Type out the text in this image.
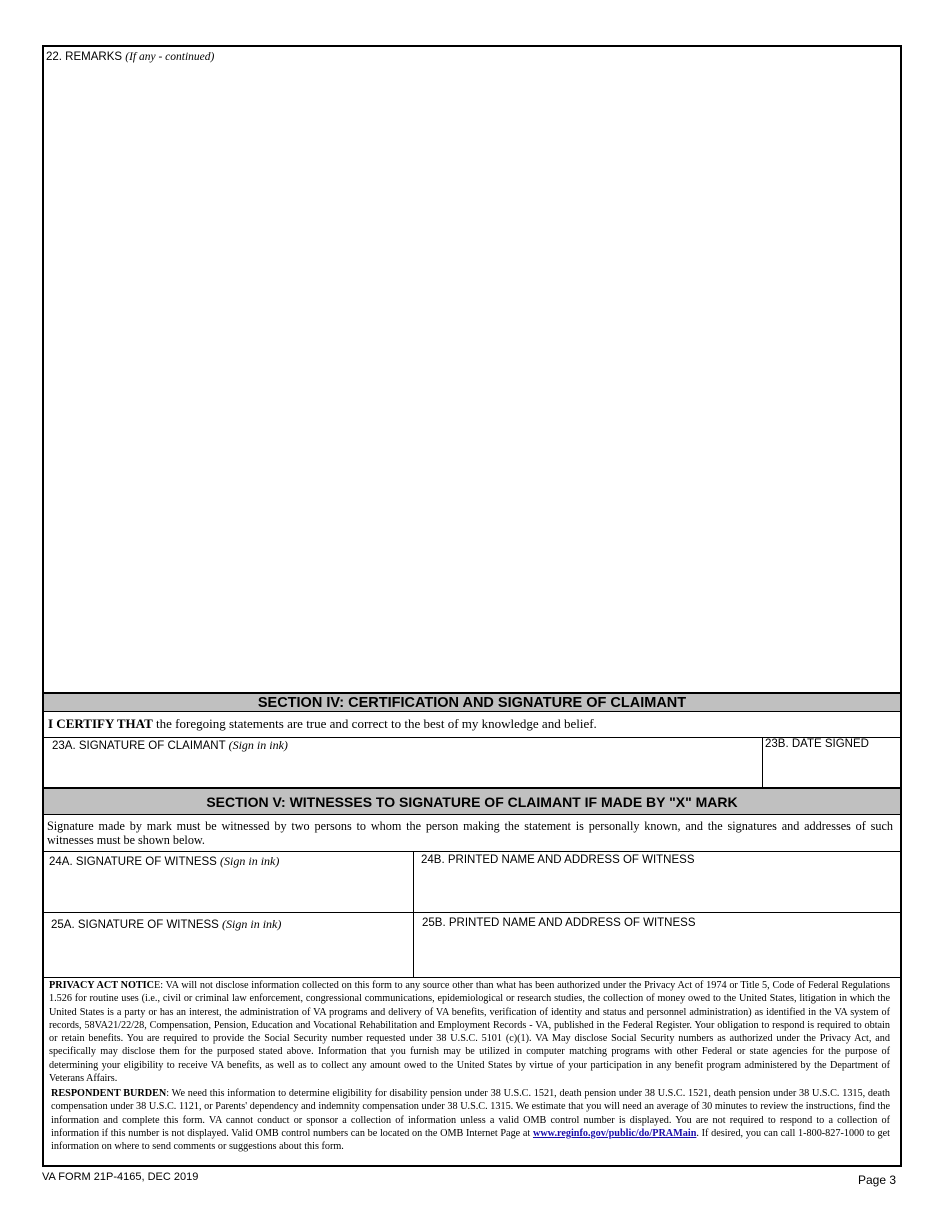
22. REMARKS (If any - continued)
SECTION IV: CERTIFICATION AND SIGNATURE OF CLAIMANT
I CERTIFY THAT the foregoing statements are true and correct to the best of my knowledge and belief.
23A. SIGNATURE OF CLAIMANT (Sign in ink)	23B. DATE SIGNED
SECTION V: WITNESSES TO SIGNATURE OF CLAIMANT IF MADE BY "X" MARK
Signature made by mark must be witnessed by two persons to whom the person making the statement is personally known, and the signatures and addresses of such witnesses must be shown below.
24A. SIGNATURE OF WITNESS (Sign in ink)	24B. PRINTED NAME AND ADDRESS OF WITNESS
25A. SIGNATURE OF WITNESS (Sign in ink)	25B. PRINTED NAME AND ADDRESS OF WITNESS
PRIVACY ACT NOTICE: VA will not disclose information collected on this form to any source other than what has been authorized under the Privacy Act of 1974 or Title 5, Code of Federal Regulations 1.526 for routine uses (i.e., civil or criminal law enforcement, congressional communications, epidemiological or research studies, the collection of money owed to the United States, litigation in which the United States is a party or has an interest, the administration of VA programs and delivery of VA benefits, verification of identity and status and personnel administration) as identified in the VA system of records, 58VA21/22/28, Compensation, Pension, Education and Vocational Rehabilitation and Employment Records - VA, published in the Federal Register. Your obligation to respond is required to obtain or retain benefits. You are required to provide the Social Security number requested under 38 U.S.C. 5101 (c)(1). VA May disclose Social Security numbers as authorized under the Privacy Act, and specifically may disclose them for the purposed stated above. Information that you furnish may be utilized in computer matching programs with other Federal or state agencies for the purpose of determining your eligibility to receive VA benefits, as well as to collect any amount owed to the United States by virtue of your participation in any benefit program administered by the Department of Veterans Affairs.
RESPONDENT BURDEN: We need this information to determine eligibility for disability pension under 38 U.S.C. 1521, death pension under 38 U.S.C. 1521, death pension under 38 U.S.C. 1315, death compensation under 38 U.S.C. 1121, or Parents' dependency and indemnity compensation under 38 U.S.C. 1315. We estimate that you will need an average of 30 minutes to review the instructions, find the information and complete this form. VA cannot conduct or sponsor a collection of information unless a valid OMB control number is displayed. You are not required to respond to a collection of information if this number is not displayed. Valid OMB control numbers can be located on the OMB Internet Page at www.reginfo.gov/public/do/PRAMain. If desired, you can call 1-800-827-1000 to get information on where to send comments or suggestions about this form.
VA FORM 21P-4165, DEC 2019	Page 3
